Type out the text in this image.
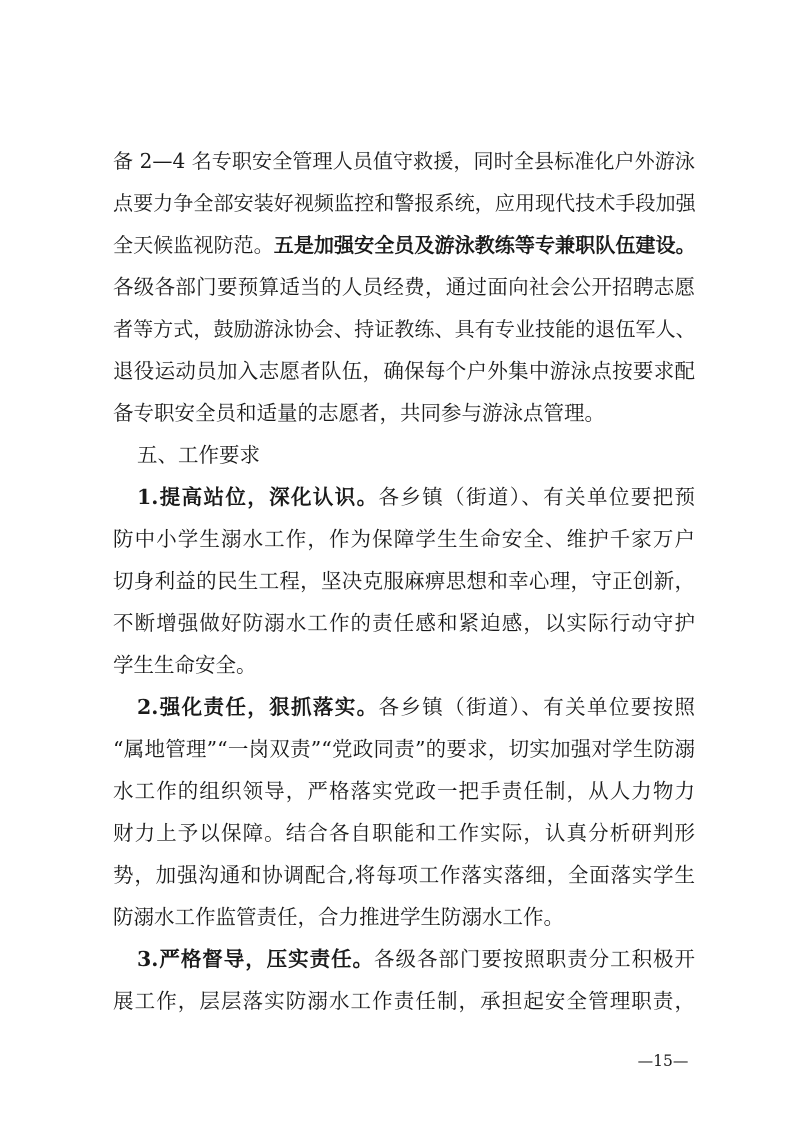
备 2—4 名专职安全管理人员值守救援，同时全县标准化户外游泳
点要力争全部安装好视频监控和警报系统，应用现代技术手段加强
全天候监视防范。五是加强安全员及游泳教练等专兼职队伍建设。
各级各部门要预算适当的人员经费，通过面向社会公开招聘志愿
者等方式，鼓励游泳协会、持证教练、具有专业技能的退伍军人、
退役运动员加入志愿者队伍，确保每个户外集中游泳点按要求配
备专职安全员和适量的志愿者，共同参与游泳点管理。
五、工作要求
1.提高站位，深化认识。各乡镇（街道）、有关单位要把预
防中小学生溺水工作，作为保障学生生命安全、维护千家万户
切身利益的民生工程，坚决克服麻痹思想和幸心理，守正创新，
不断增强做好防溺水工作的责任感和紧迫感，以实际行动守护
学生生命安全。
2.强化责任，狠抓落实。各乡镇（街道）、有关单位要按照
“属地管理”“一岗双责”“党政同责”的要求，切实加强对学生防溺
水工作的组织领导，严格落实党政一把手责任制，从人力物力
财力上予以保障。结合各自职能和工作实际，认真分析研判形
势，加强沟通和协调配合,将每项工作落实落细，全面落实学生
防溺水工作监管责任，合力推进学生防溺水工作。
3.严格督导，压实责任。各级各部门要按照职责分工积极开
展工作，层层落实防溺水工作责任制，承担起安全管理职责，
—15—
